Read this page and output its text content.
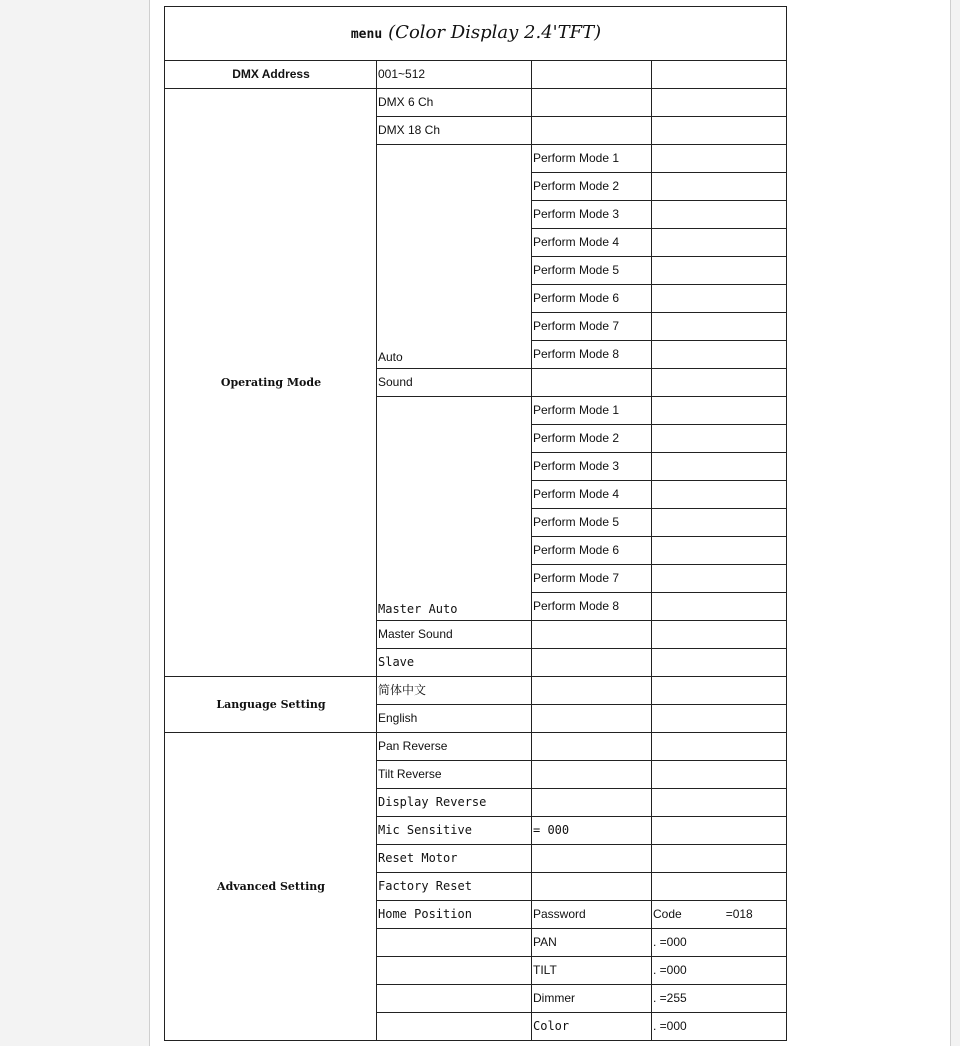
menu (Color Display 2.4'TFT)			
DMX Address	001~512		
Operating Mode	DMX 6 Ch		
	DMX 18 Ch		
	Auto	Perform Mode 1	
		Perform Mode 2	
		Perform Mode 3	
		Perform Mode 4	
		Perform Mode 5	
		Perform Mode 6	
		Perform Mode 7	
		Perform Mode 8	
	Sound		
	Master Auto	Perform Mode 1	
		Perform Mode 2	
		Perform Mode 3	
		Perform Mode 4	
		Perform Mode 5	
		Perform Mode 6	
		Perform Mode 7	
		Perform Mode 8	
	Master Sound		
	Slave		
Language Setting	简体中文		
	English		
Advanced Setting	Pan Reverse		
	Tilt Reverse		
	Display Reverse		
	Mic Sensitive	= 000	
	Reset Motor		
	Factory Reset		
	Home Position	Password	Code =018
		PAN	. =000
		TILT	. =000
		Dimmer	. =255
		Color	. =000
